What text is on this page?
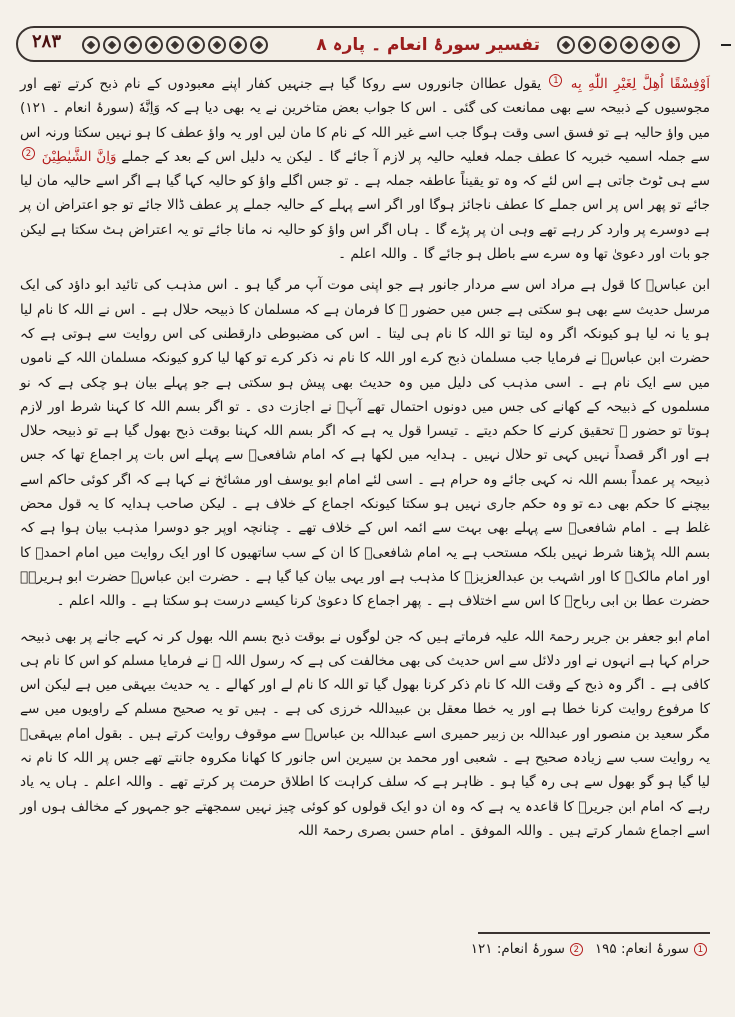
۲۸۳	تفسیر سورۂ انعام ۔ پارہ ۸

اَوْفِسْقًا اُهِلَّ لِغَيْرِ اللّٰهِ بِه 1 یقول عطاان جانوروں سے روکا گیا ہے جنہیں کفار اپنے معبودوں کے نام ذبح کرتے تھے اور مجوسیوں کے ذبیحہ سے بھی ممانعت کی گئی ۔ اس کا جواب بعض متاخرین نے یہ بھی دیا ہے کہ وَاِنَّهٗ (سورۂ انعام ۔ ۱۲۱) میں واؤ حالیہ ہے تو فسق اسی وقت ہوگا جب اسے غیر اللہ کے نام کا مان لیں اور یہ واؤ عطف کا ہو نہیں سکتا ورنہ اس سے جملہ اسمیہ خبریہ کا عطف جملہ فعلیہ حالیہ پر لازم آ جائے گا ۔ لیکن یہ دلیل اس کے بعد کے جملے وَاِنَّ الشَّيٰطِيْنَ 2 سے ہی ٹوٹ جاتی ہے اس لئے کہ وہ تو یقیناً عاطفہ جملہ ہے ۔ تو جس اگلے واؤ کو حالیہ کہا گیا ہے اگر اسے حالیہ مان لیا جائے تو پھر اس پر اس جملے کا عطف ناجائز ہوگا اور اگر اسے پہلے کے حالیہ جملے پر عطف ڈالا جائے تو جو اعتراض ان پر ہے دوسرے پر وارد کر رہے تھے وہی ان پر پڑے گا ۔ ہاں اگر اس واؤ کو حالیہ نہ مانا جائے تو یہ اعتراض ہٹ سکتا ہے لیکن جو بات اور دعویٰ تھا وہ سرے سے باطل ہو جائے گا ۔ واللہ اعلم ۔

ابن عباسؓ کا قول ہے مراد اس سے مردار جانور ہے جو اپنی موت آپ مر گیا ہو ۔ اس مذہب کی تائید ابو داؤد کی ایک مرسل حدیث سے بھی ہو سکتی ہے جس میں حضور ؐ کا فرمان ہے کہ مسلمان کا ذبیحہ حلال ہے ۔ اس نے اللہ کا نام لیا ہو یا نہ لیا ہو کیونکہ اگر وہ لیتا تو اللہ کا نام ہی لیتا ۔ اس کی مضبوطی دارقطنی کی اس روایت سے ہوتی ہے کہ حضرت ابن عباسؓ نے فرمایا جب مسلمان ذبح کرے اور اللہ کا نام نہ ذکر کرے تو کھا لیا کرو کیونکہ مسلمان اللہ کے ناموں میں سے ایک نام ہے ۔ اسی مذہب کی دلیل میں وہ حدیث بھی پیش ہو سکتی ہے جو پہلے بیان ہو چکی ہے کہ نو مسلموں کے ذبیحہ کے کھانے کی جس میں دونوں احتمال تھے آپؐ نے اجازت دی ۔ تو اگر بسم اللہ کا کہنا شرط اور لازم ہوتا تو حضور ؐ تحقیق کرنے کا حکم دیتے ۔ تیسرا قول یہ ہے کہ اگر بسم اللہ کہنا بوقت ذبح بھول گیا ہے تو ذبیحہ حلال ہے اور اگر قصداً نہیں کہی تو حلال نہیں ۔ ہدایہ میں لکھا ہے کہ امام شافعیؒ سے پہلے اس بات پر اجماع تھا کہ جس ذبیحہ پر عمداً بسم اللہ نہ کہی جائے وہ حرام ہے ۔ اسی لئے امام ابو یوسف اور مشائخ نے کہا ہے کہ اگر کوئی حاکم اسے بیچنے کا حکم بھی دے تو وہ حکم جاری نہیں ہو سکتا کیونکہ اجماع کے خلاف ہے ۔ لیکن صاحب ہدایہ کا یہ قول محض غلط ہے ۔ امام شافعیؒ سے پہلے بھی بہت سے ائمہ اس کے خلاف تھے ۔ چنانچہ اوپر جو دوسرا مذہب بیان ہوا ہے کہ بسم اللہ پڑھنا شرط نہیں بلکہ مستحب ہے یہ امام شافعیؒ کا ان کے سب ساتھیوں کا اور ایک روایت میں امام احمدؒ کا اور امام مالکؒ کا اور اشہب بن عبدالعزیزؒ کا مذہب ہے اور یہی بیان کیا گیا ہے ۔ حضرت ابن عباسؓ حضرت ابو ہریرہؓ حضرت عطا بن ابی رباحؒ کا اس سے اختلاف ہے ۔ پھر اجماع کا دعویٰ کرنا کیسے درست ہو سکتا ہے ۔ واللہ اعلم ۔

امام ابو جعفر بن جریر رحمۃ اللہ علیہ فرماتے ہیں کہ جن لوگوں نے بوقت ذبح بسم اللہ بھول کر نہ کہے جانے پر بھی ذبیحہ حرام کہا ہے انہوں نے اور دلائل سے اس حدیث کی بھی مخالفت کی ہے کہ رسول اللہ ﷺ نے فرمایا مسلم کو اس کا نام ہی کافی ہے ۔ اگر وہ ذبح کے وقت اللہ کا نام ذکر کرنا بھول گیا تو اللہ کا نام لے اور کھالے ۔ یہ حدیث بیہقی میں ہے لیکن اس کا مرفوع روایت کرنا خطا ہے اور یہ خطا معقل بن عبیداللہ خرزی کی ہے ۔ ہیں تو یہ صحیح مسلم کے راویوں میں سے مگر سعید بن منصور اور عبداللہ بن زبیر حمیری اسے عبداللہ بن عباسؓ سے موقوف روایت کرتے ہیں ۔ بقول امام بیہقیؒ یہ روایت سب سے زیادہ صحیح ہے ۔ شعبی اور محمد بن سیرین اس جانور کا کھانا مکروہ جانتے تھے جس پر اللہ کا نام نہ لیا گیا ہو گو بھول سے ہی رہ گیا ہو ۔ ظاہر ہے کہ سلف کراہت کا اطلاق حرمت پر کرتے تھے ۔ واللہ اعلم ۔ ہاں یہ یاد رہے کہ امام ابن جریرؒ کا قاعدہ یہ ہے کہ وہ ان دو ایک قولوں کو کوئی چیز نہیں سمجھتے جو جمہور کے مخالف ہوں اور اسے اجماع شمار کرتے ہیں ۔ واللہ الموفق ۔ امام حسن بصری رحمۃ اللہ

1
سورۂ انعام: ۱۹۵
2
سورۂ انعام: ۱۲۱
